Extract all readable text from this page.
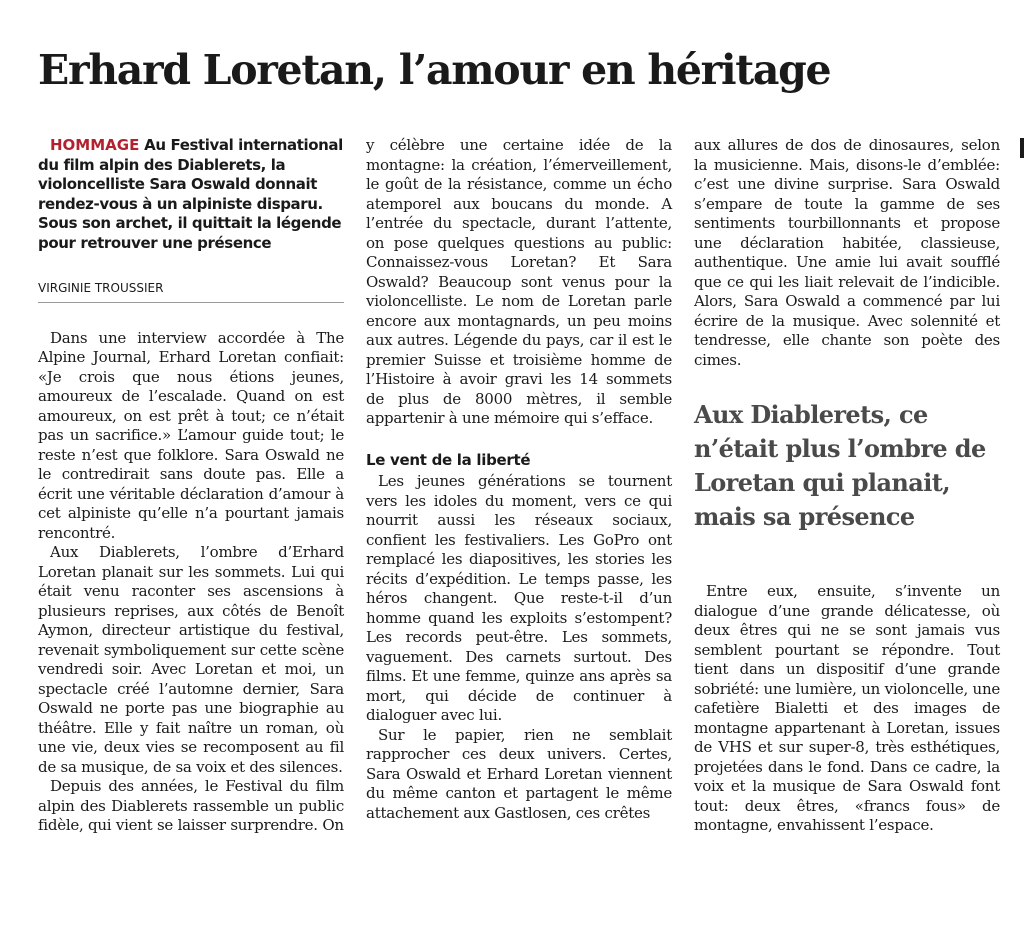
Erhard Loretan, l’amour en héritage

HOMMAGE Au Festival international du film alpin des Diablerets, la violoncelliste Sara Oswald donnait rendez-vous à un alpiniste disparu. Sous son archet, il quittait la légende pour retrouver une présence

VIRGINIE TROUSSIER

Dans une interview accordée à The Alpine Journal, Erhard Loretan confiait: «Je crois que nous étions jeunes, amoureux de l’escalade. Quand on est amoureux, on est prêt à tout; ce n’était pas un sacrifice.» L’amour guide tout; le reste n’est que folklore. Sara Oswald ne le contredirait sans doute pas. Elle a écrit une véritable déclaration d’amour à cet alpiniste qu’elle n’a pourtant jamais rencontré.

Aux Diablerets, l’ombre d’Erhard Loretan planait sur les sommets. Lui qui était venu raconter ses ascensions à plusieurs reprises, aux côtés de Benoît Aymon, directeur artistique du festival, revenait symboliquement sur cette scène vendredi soir. Avec Loretan et moi, un spectacle créé l’automne dernier, Sara Oswald ne porte pas une biographie au théâtre. Elle y fait naître un roman, où une vie, deux vies se recomposent au fil de sa musique, de sa voix et des silences.

Depuis des années, le Festival du film alpin des Diablerets rassemble un public fidèle, qui vient se laisser surprendre. On

y célèbre une certaine idée de la montagne: la création, l’émerveillement, le goût de la résistance, comme un écho atemporel aux boucans du monde. A l’entrée du spectacle, durant l’attente, on pose quelques questions au public: Connaissez-vous Loretan? Et Sara Oswald? Beaucoup sont venus pour la violoncelliste. Le nom de Loretan parle encore aux montagnards, un peu moins aux autres. Légende du pays, car il est le premier Suisse et troisième homme de l’Histoire à avoir gravi les 14 sommets de plus de 8000 mètres, il semble appartenir à une mémoire qui s’efface.

Le vent de la liberté

Les jeunes générations se tournent vers les idoles du moment, vers ce qui nourrit aussi les réseaux sociaux, confient les festivaliers. Les GoPro ont remplacé les diapositives, les stories les récits d’expédition. Le temps passe, les héros changent. Que reste-t-il d’un homme quand les exploits s’estompent? Les records peut-être. Les sommets, vaguement. Des carnets surtout. Des films. Et une femme, quinze ans après sa mort, qui décide de continuer à dialoguer avec lui.

Sur le papier, rien ne semblait rapprocher ces deux univers. Certes, Sara Oswald et Erhard Loretan viennent du même canton et partagent le même attachement aux Gastlosen, ces crêtes

aux allures de dos de dinosaures, selon la musicienne. Mais, disons-le d’emblée: c’est une divine surprise. Sara Oswald s’empare de toute la gamme de ses sentiments tourbillonnants et propose une déclaration habitée, classieuse, authentique. Une amie lui avait soufflé que ce qui les liait relevait de l’indicible. Alors, Sara Oswald a commencé par lui écrire de la musique. Avec solennité et tendresse, elle chante son poète des cimes.

Aux Diablerets, ce n’était plus l’ombre de Loretan qui planait, mais sa présence

Entre eux, ensuite, s’invente un dialogue d’une grande délicatesse, où deux êtres qui ne se sont jamais vus semblent pourtant se répondre. Tout tient dans un dispositif d’une grande sobriété: une lumière, un violoncelle, une cafetière Bialetti et des images de montagne appartenant à Loretan, issues de VHS et sur super-8, très esthétiques, projetées dans le fond. Dans ce cadre, la voix et la musique de Sara Oswald font tout: deux êtres, «francs fous» de montagne, envahissent l’espace.
